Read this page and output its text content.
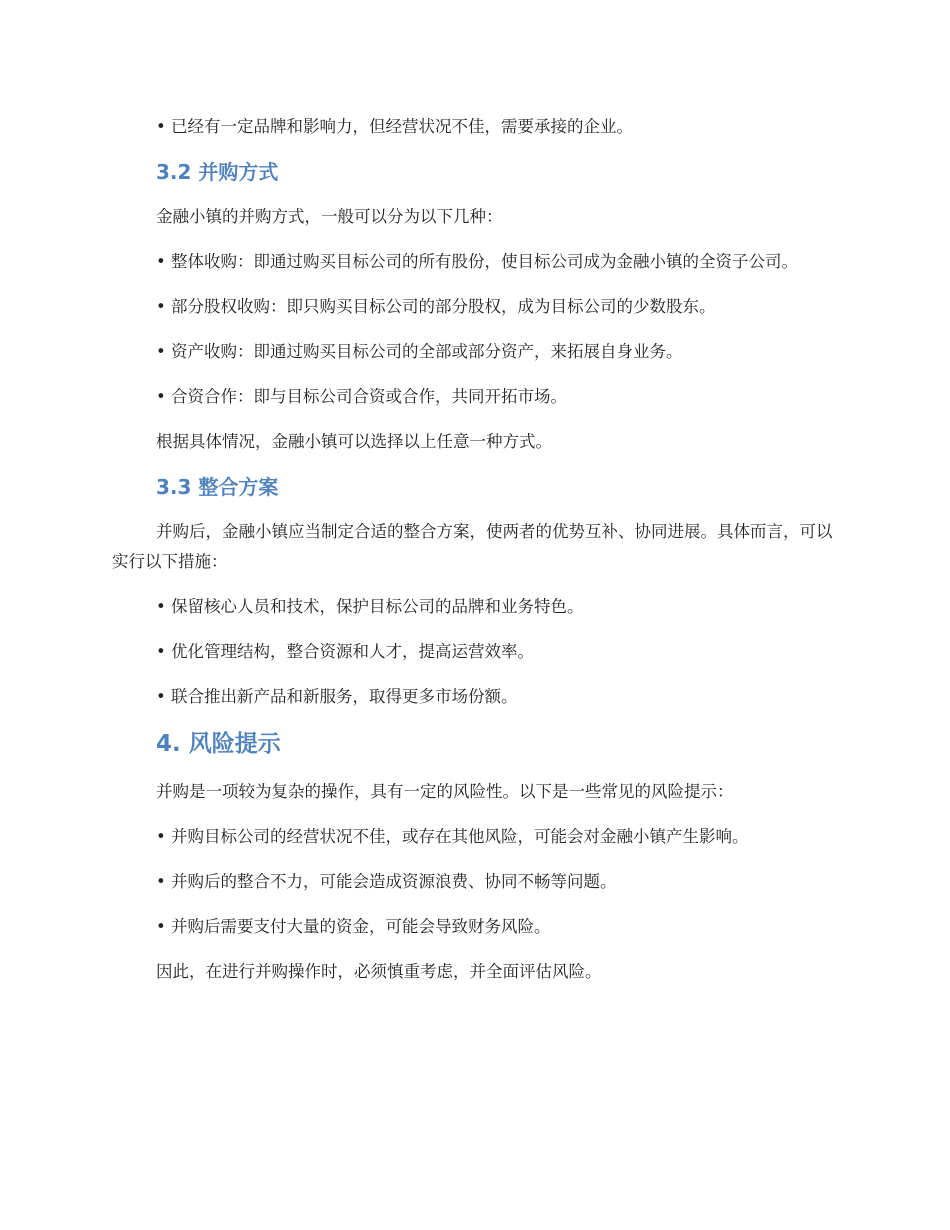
• 已经有一定品牌和影响力，但经营状况不佳，需要承接的企业。

3.2 并购方式

金融小镇的并购方式，一般可以分为以下几种：

• 整体收购：即通过购买目标公司的所有股份，使目标公司成为金融小镇的全资子公司。

• 部分股权收购：即只购买目标公司的部分股权，成为目标公司的少数股东。

• 资产收购：即通过购买目标公司的全部或部分资产，来拓展自身业务。

• 合资合作：即与目标公司合资或合作，共同开拓市场。

根据具体情况，金融小镇可以选择以上任意一种方式。

3.3 整合方案

并购后，金融小镇应当制定合适的整合方案，使两者的优势互补、协同进展。具体而言，可以实行以下措施：

• 保留核心人员和技术，保护目标公司的品牌和业务特色。

• 优化管理结构，整合资源和人才，提高运营效率。

• 联合推出新产品和新服务，取得更多市场份额。

4. 风险提示

并购是一项较为复杂的操作，具有一定的风险性。以下是一些常见的风险提示：

• 并购目标公司的经营状况不佳，或存在其他风险，可能会对金融小镇产生影响。

• 并购后的整合不力，可能会造成资源浪费、协同不畅等问题。

• 并购后需要支付大量的资金，可能会导致财务风险。

因此，在进行并购操作时，必须慎重考虑，并全面评估风险。
